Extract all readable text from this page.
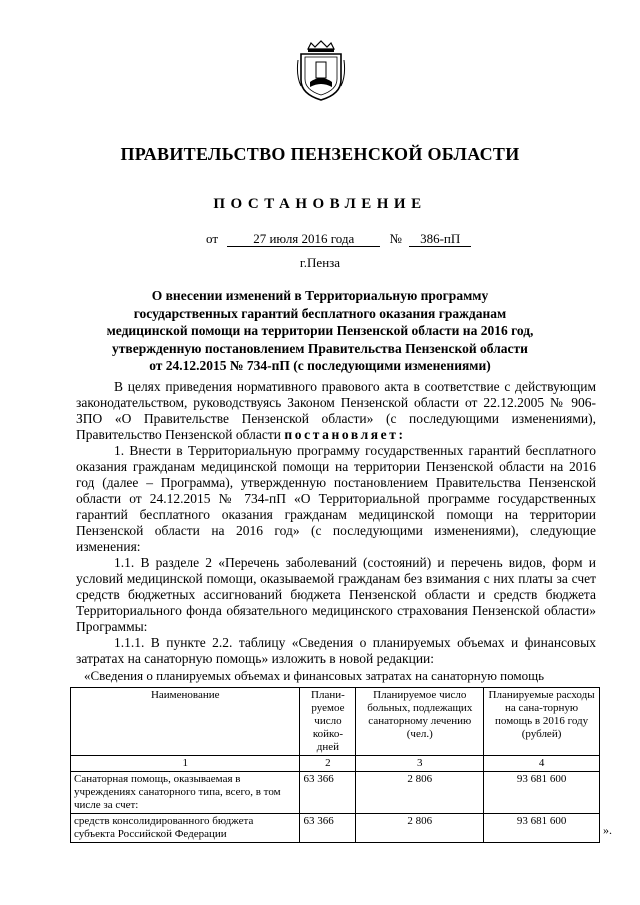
ПРАВИТЕЛЬСТВО ПЕНЗЕНСКОЙ ОБЛАСТИ
ПОСТАНОВЛЕНИЕ
от	27 июля 2016 года	№ 386-пП
г.Пенза
О внесении изменений в Территориальную программу
государственных гарантий бесплатного оказания гражданам
медицинской помощи на территории Пензенской области на 2016 год,
утвержденную постановлением Правительства Пензенской области
от 24.12.2015 № 734-пП (с последующими изменениями)

В целях приведения нормативного правового акта в соответствие с действующим законодательством, руководствуясь Законом Пензенской области от 22.12.2005 № 906-ЗПО «О Правительстве Пензенской области» (с последующими изменениями), Правительство Пензенской области постановляет:

1. Внести в Территориальную программу государственных гарантий бесплатного оказания гражданам медицинской помощи на территории Пензенской области на 2016 год (далее – Программа), утвержденную постановлением Правительства Пензенской области от 24.12.2015 № 734-пП «О Территориальной программе государственных гарантий бесплатного оказания гражданам медицинской помощи на территории Пензенской области на 2016 год» (с последующими изменениями), следующие изменения:

1.1. В разделе 2 «Перечень заболеваний (состояний) и перечень видов, форм и условий медицинской помощи, оказываемой гражданам без взимания с них платы за счет средств бюджетных ассигнований бюджета Пензенской области и средств бюджета Территориального фонда обязательного медицинского страхования Пензенской области» Программы:

1.1.1. В пункте 2.2. таблицу «Сведения о планируемых объемах и финансовых затратах на санаторную помощь» изложить в новой редакции:

«Сведения о планируемых объемах и финансовых затратах на санаторную помощь
Наименование	Плани-руемое число койко-дней	Планируемое число больных, подлежащих санаторному лечению (чел.)	Планируемые расходы на сана-торную помощь в 2016 году (рублей)
1	2	3	4
Санаторная помощь, оказываемая в учреждениях санаторного типа, всего, в том числе за счет:	63 366	2 806	93 681 600
средств консолидированного бюджета субъекта Российской Федерации	63 366	2 806	93 681 600
».
